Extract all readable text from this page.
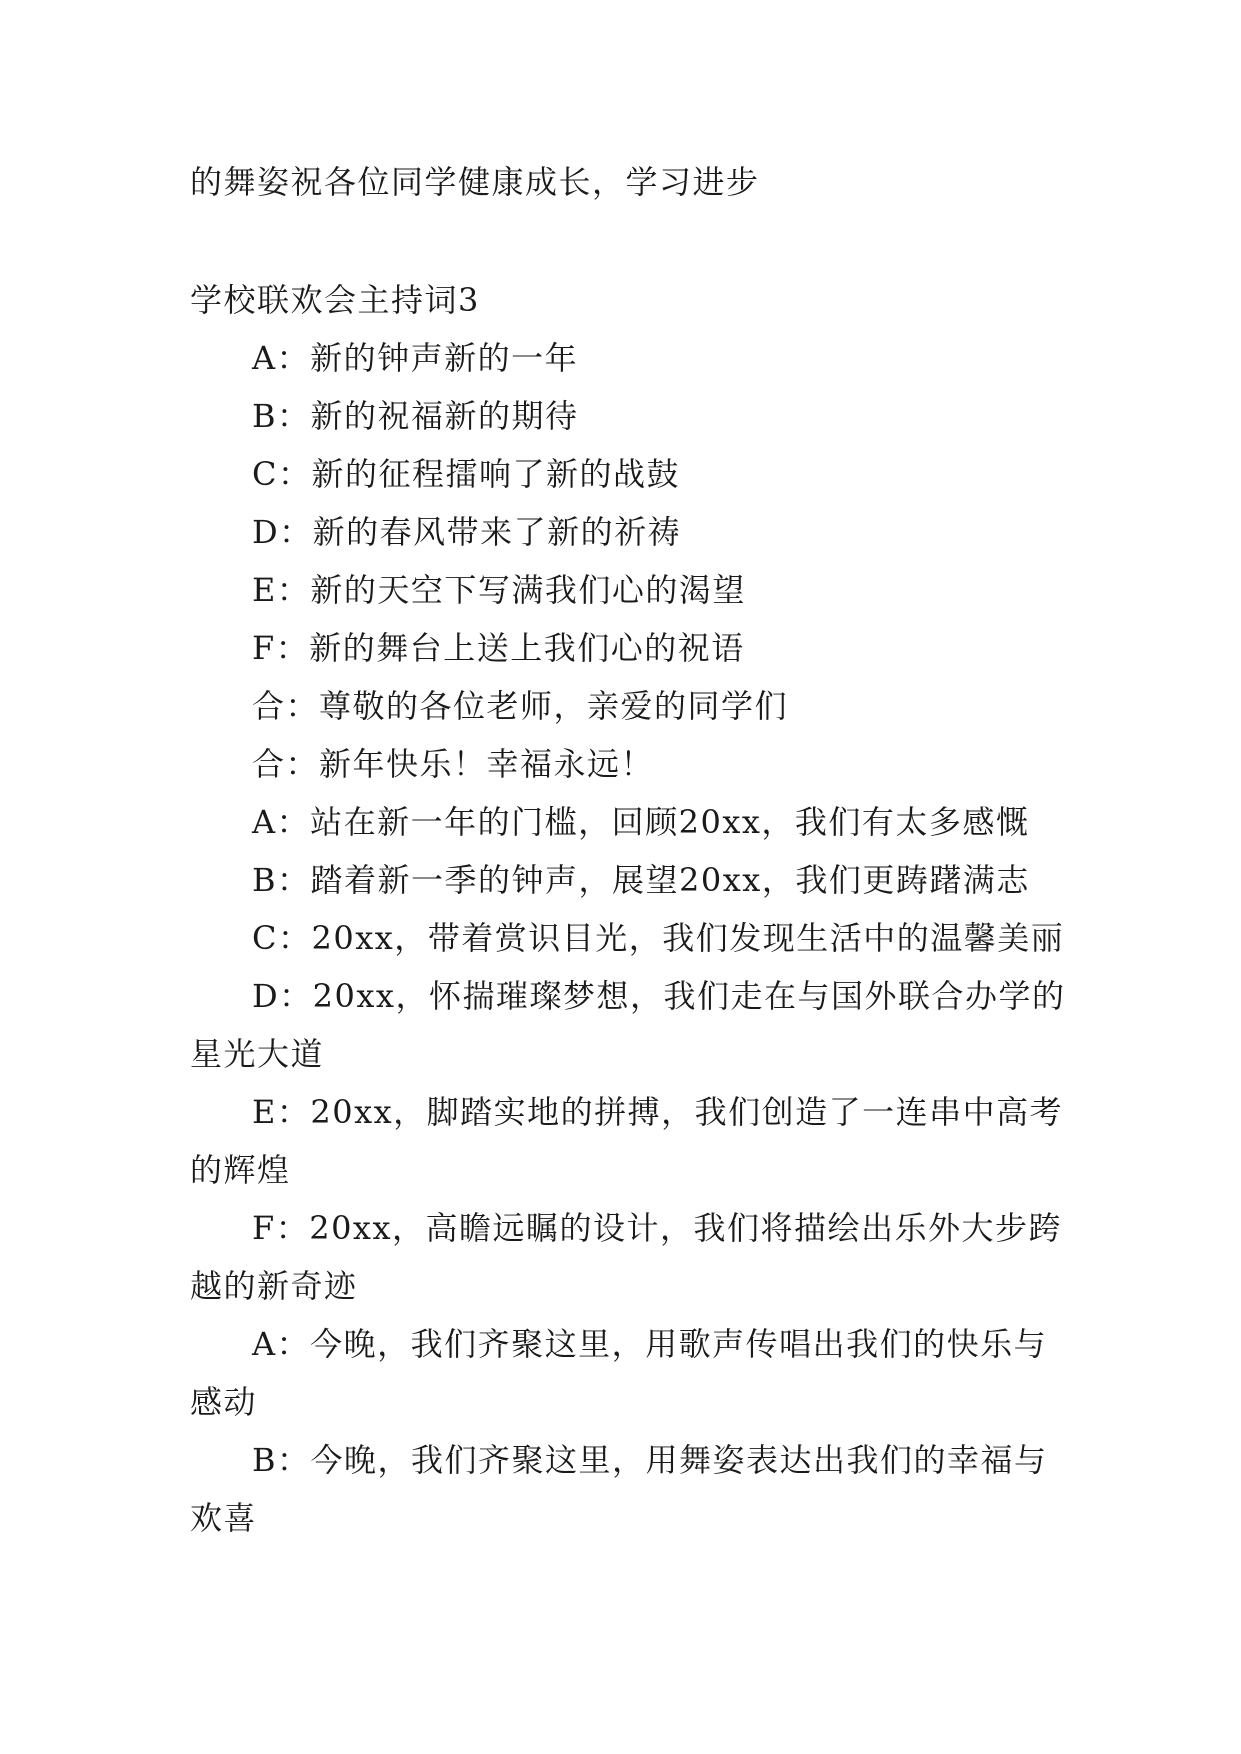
的舞姿祝各位同学健康成长，学习进步
学校联欢会主持词3
A：新的钟声新的一年
B：新的祝福新的期待
C：新的征程擂响了新的战鼓
D：新的春风带来了新的祈祷
E：新的天空下写满我们心的渴望
F：新的舞台上送上我们心的祝语
合：尊敬的各位老师，亲爱的同学们
合：新年快乐！幸福永远！
A：站在新一年的门槛，回顾20xx，我们有太多感慨
B：踏着新一季的钟声，展望20xx，我们更踌躇满志
C：20xx，带着赏识目光，我们发现生活中的温馨美丽
D：20xx，怀揣璀璨梦想，我们走在与国外联合办学的
星光大道
E：20xx，脚踏实地的拼搏，我们创造了一连串中高考
的辉煌
F：20xx，高瞻远瞩的设计，我们将描绘出乐外大步跨
越的新奇迹
A：今晚，我们齐聚这里，用歌声传唱出我们的快乐与
感动
B：今晚，我们齐聚这里，用舞姿表达出我们的幸福与
欢喜
